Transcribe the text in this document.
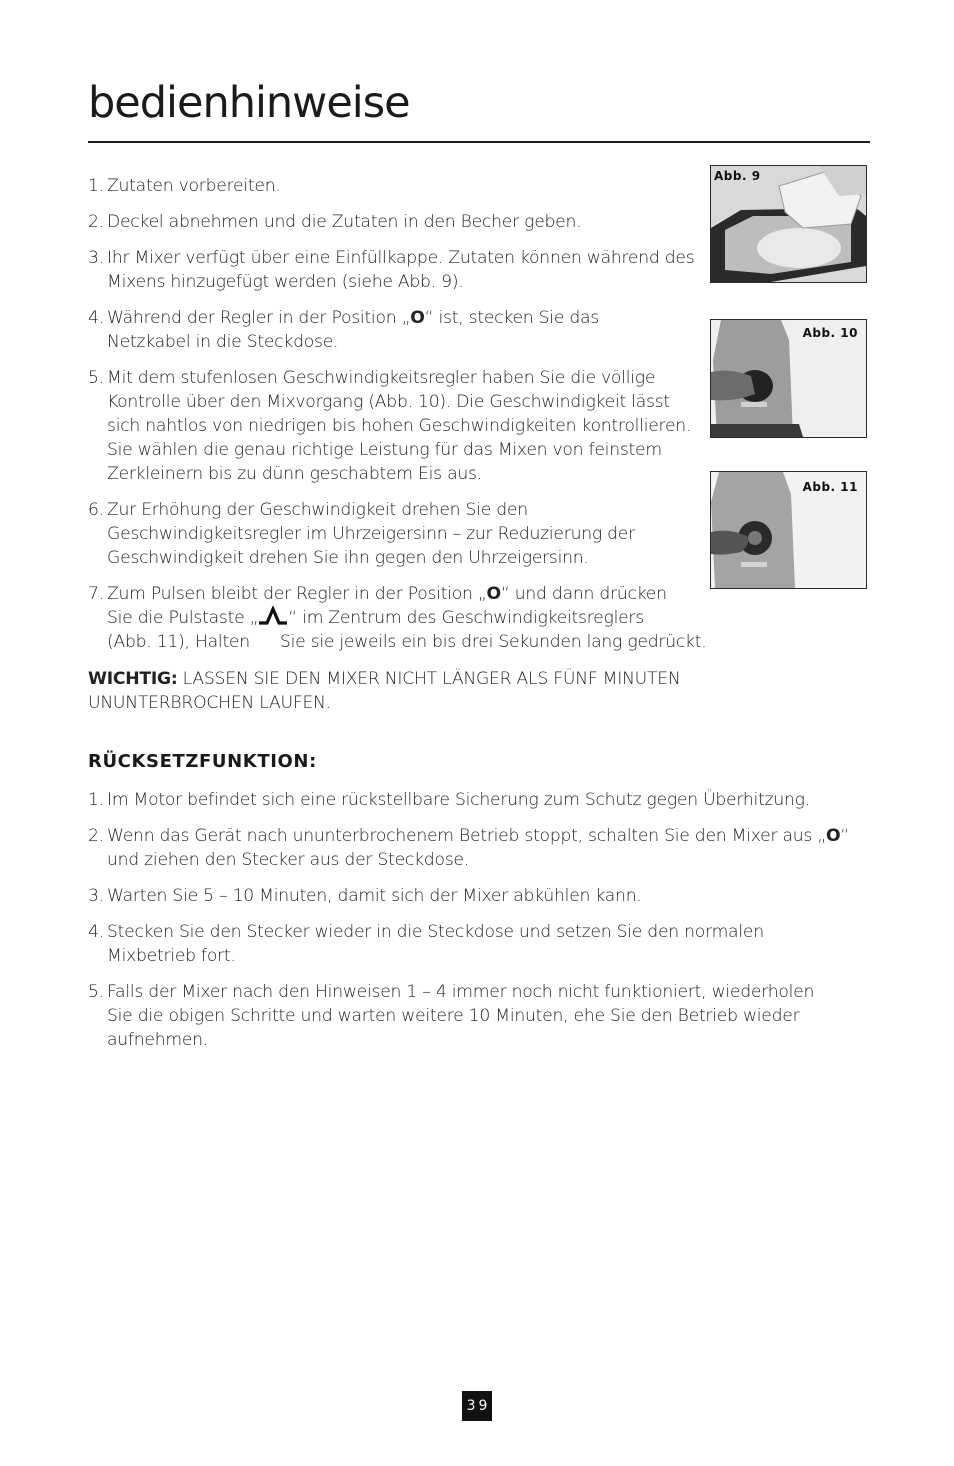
bedienhinweise
1. Zutaten vorbereiten.
2. Deckel abnehmen und die Zutaten in den Becher geben.
3. Ihr Mixer verfügt über eine Einfüllkappe. Zutaten können während des
Mixens hinzugefügt werden (siehe Abb. 9).
4. Während der Regler in der Position „O“ ist, stecken Sie das
Netzkabel in die Steckdose.
5. Mit dem stufenlosen Geschwindigkeitsregler haben Sie die völlige
Kontrolle über den Mixvorgang (Abb. 10). Die Geschwindigkeit lässt
sich nahtlos von niedrigen bis hohen Geschwindigkeiten kontrollieren.
Sie wählen die genau richtige Leistung für das Mixen von feinstem
Zerkleinern bis zu dünn geschabtem Eis aus.
6. Zur Erhöhung der Geschwindigkeit drehen Sie den
Geschwindigkeitsregler im Uhrzeigersinn – zur Reduzierung der
Geschwindigkeit drehen Sie ihn gegen den Uhrzeigersinn.
7. Zum Pulsen bleibt der Regler in der Position „O“ und dann drücken
Sie die Pulstaste „ “ im Zentrum des Geschwindigkeitsreglers
(Abb. 11), Halten Sie sie jeweils ein bis drei Sekunden lang gedrückt.
WICHTIG: LASSEN SIE DEN MIXER NICHT LÄNGER ALS FÜNF MINUTEN
UNUNTERBROCHEN LAUFEN.
RÜCKSETZFUNKTION:
1. Im Motor befindet sich eine rückstellbare Sicherung zum Schutz gegen Überhitzung.
2. Wenn das Gerät nach ununterbrochenem Betrieb stoppt, schalten Sie den Mixer aus „O“
und ziehen den Stecker aus der Steckdose.
3. Warten Sie 5 – 10 Minuten, damit sich der Mixer abkühlen kann.
4. Stecken Sie den Stecker wieder in die Steckdose und setzen Sie den normalen
Mixbetrieb fort.
5. Falls der Mixer nach den Hinweisen 1 – 4 immer noch nicht funktioniert, wiederholen
Sie die obigen Schritte und warten weitere 10 Minuten, ehe Sie den Betrieb wieder
aufnehmen.
Abb. 9
Abb. 10
Abb. 11
39
